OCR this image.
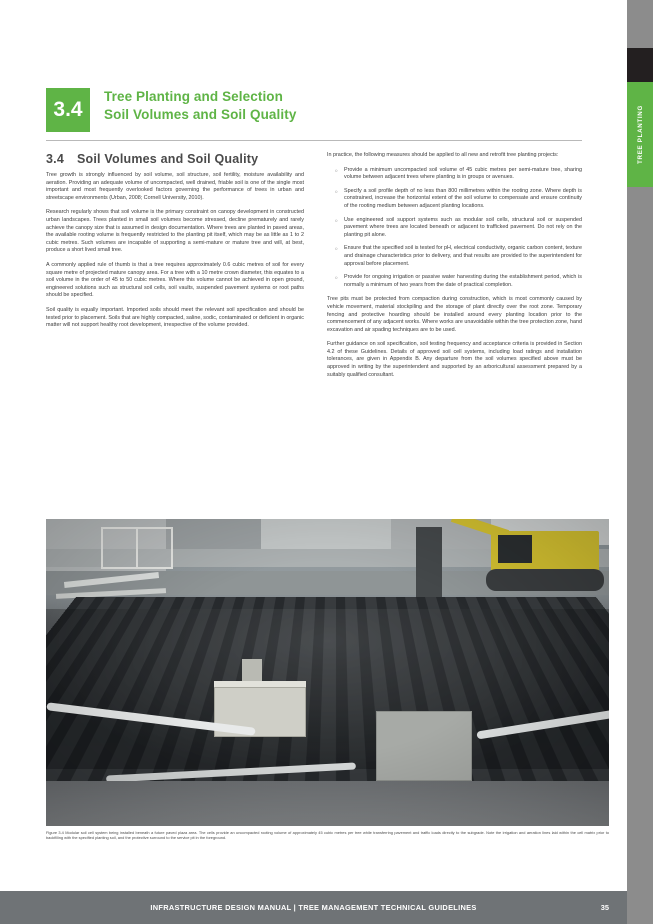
3.4
Tree Planting and Selection
Soil Volumes and Soil Quality
3.4 Soil Volumes and Soil Quality

Tree growth is strongly influenced by soil volume, soil structure, soil fertility, moisture availability and aeration. Providing an adequate volume of uncompacted, well drained, friable soil is one of the single most important and most frequently overlooked factors governing the performance of trees in urban and streetscape environments (Urban, 2008; Cornell University, 2010).

Research regularly shows that soil volume is the primary constraint on canopy development in constructed urban landscapes. Trees planted in small soil volumes become stressed, decline prematurely and rarely achieve the canopy size that is assumed in design documentation. Where trees are planted in paved areas, the available rooting volume is frequently restricted to the planting pit itself, which may be as little as 1 to 2 cubic metres. Such volumes are incapable of supporting a semi-mature or mature tree and will, at best, produce a short lived small tree.

A commonly applied rule of thumb is that a tree requires approximately 0.6 cubic metres of soil for every square metre of projected mature canopy area. For a tree with a 10 metre crown diameter, this equates to a soil volume in the order of 45 to 50 cubic metres. Where this volume cannot be achieved in open ground, engineered solutions such as structural soil cells, soil vaults, suspended pavement systems or root paths should be specified.

Soil quality is equally important. Imported soils should meet the relevant soil specification and should be tested prior to placement. Soils that are highly compacted, saline, sodic, contaminated or deficient in organic matter will not support healthy root development, irrespective of the volume provided.

In practice, the following measures should be applied to all new and retrofit tree planting projects:

○ Provide a minimum uncompacted soil volume of 45 cubic metres per semi-mature tree, sharing volume between adjacent trees where planting is in groups or avenues.
○ Specify a soil profile depth of no less than 800 millimetres within the rooting zone. Where depth is constrained, increase the horizontal extent of the soil volume to compensate and ensure continuity of the rooting medium between adjacent planting locations.
○ Use engineered soil support systems such as modular soil cells, structural soil or suspended pavement where trees are located beneath or adjacent to trafficked pavement. Do not rely on the planting pit alone.
○ Ensure that the specified soil is tested for pH, electrical conductivity, organic carbon content, texture and drainage characteristics prior to delivery, and that results are provided to the superintendent for approval before placement.
○ Provide for ongoing irrigation or passive water harvesting during the establishment period, which is normally a minimum of two years from the date of practical completion.

Tree pits must be protected from compaction during construction, which is most commonly caused by vehicle movement, material stockpiling and the storage of plant directly over the root zone. Temporary fencing and protective hoarding should be installed around every planting location prior to the commencement of any adjacent works. Where works are unavoidable within the tree protection zone, hand excavation and air spading techniques are to be used.

Further guidance on soil specification, soil testing frequency and acceptance criteria is provided in Section 4.2 of these Guidelines. Details of approved soil cell systems, including load ratings and installation tolerances, are given in Appendix B. Any departure from the soil volumes specified above must be approved in writing by the superintendent and supported by an arboricultural assessment prepared by a suitably qualified consultant.

Figure 3.4 Modular soil cell system being installed beneath a future paved plaza area. The cells provide an uncompacted rooting volume of approximately 45 cubic metres per tree while transferring pavement and traffic loads directly to the subgrade. Note the irrigation and aeration lines laid within the cell matrix prior to backfilling with the specified planting soil, and the protective surround to the service pit in the foreground.
INFRASTRUCTURE DESIGN MANUAL | TREE MANAGEMENT TECHNICAL GUIDELINES	35
TREE PLANTING
